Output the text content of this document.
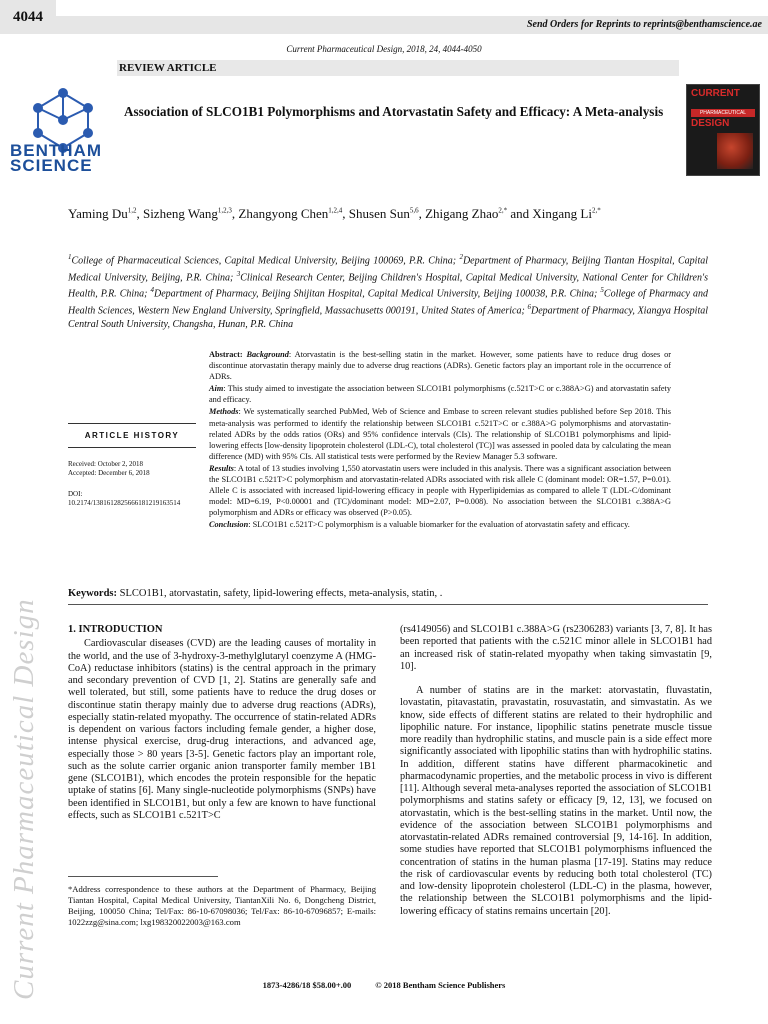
4044	Send Orders for Reprints to reprints@benthamscience.ae
Current Pharmaceutical Design, 2018, 24, 4044-4050
REVIEW ARTICLE
BENTHAM
SCIENCE
Association of SLCO1B1 Polymorphisms and Atorvastatin Safety and Efficacy: A Meta-analysis
CURRENT
PHARMACEUTICAL
DESIGN
Yaming Du$^{1,2}$, Sizheng Wang$^{1,2,3}$, Zhangyong Chen$^{1,2,4}$, Shusen Sun$^{5,6}$, Zhigang Zhao$^{2,*}$ and Xingang $Li^{2,*}$
$^1$College of Pharmaceutical Sciences, Capital Medical University, Beijing 100069, P.R. China; $^2$Department of Pharmacy, Beijing Tiantan Hospital, Capital Medical University, Beijing, P.R. China; $^3$Clinical Research Center, Beijing Children's Hospital, Capital Medical University, National Center for Children's Health, P.R. China; $^4$Department of Pharmacy, Beijing Shijitan Hospital, Capital Medical University, Beijing 100038, P.R. China; $^5$College of Pharmacy and Health Sciences, Western New England University, Springfield, Massachusetts 000191, United States of America; $^6$Department of Pharmacy, Xiangya Hospital Central South University, Changsha, Hunan, P.R. China

Abstract: Background: Atorvastatin is the best-selling statin in the market. However, some patients have to reduce drug doses or discontinue atorvastatin therapy mainly due to adverse drug reactions (ADRs). Genetic factors play an important role in the occurrence of ADRs.

Aim: This study aimed to investigate the association between SLCO1B1 polymorphisms (c.521T>C or c.388A>G) and atorvastatin safety and efficacy.

Methods: We systematically searched PubMed, Web of Science and Embase to screen relevant studies published before Sep 2018. This meta-analysis was performed to identify the relationship between SLCO1B1 c.521T>C or c.388A>G polymorphisms and atorvastatin-related ADRs by the odds ratios (ORs) and 95% confidence intervals (CIs). The relationship of SLCO1B1 polymorphisms and lipid-lowering effects [low-density lipoprotein cholesterol (LDL-C), total cholesterol (TC)] was assessed in pooled data by calculating the mean difference (MD) with 95% CIs. All statistical tests were performed by the Review Manager 5.3 software.

Results: A total of 13 studies involving 1,550 atorvastatin users were included in this analysis. There was a significant association between the SLCO1B1 c.521T>C polymorphism and atorvastatin-related ADRs associated with risk allele C (dominant model: OR=1.57, P=0.01). Allele C is associated with increased lipid-lowering efficacy in people with Hyperlipidemias as compared to allele T (LDL-C/dominant model: MD=6.19, P<0.00001 and (TC)/dominant model: MD=2.07, P=0.008). No association between the SLCO1B1 c.388A>G polymorphism and ADRs or efficacy was observed (P>0.05).

Conclusion: SLCO1B1 c.521T>C polymorphism is a valuable biomarker for the evaluation of atorvastatin safety and efficacy.

ARTICLE HISTORY
Received: October 2, 2018
Accepted: December 6, 2018
DOI:
10.2174/1381612825666181219163514
Keywords: SLCO1B1, atorvastatin, safety, lipid-lowering effects, meta-analysis, statin, .
1. INTRODUCTION

Cardiovascular diseases (CVD) are the leading causes of mortality in the world, and the use of 3-hydroxy-3-methylglutaryl coenzyme A (HMG-CoA) reductase inhibitors (statins) is the central approach in the primary and secondary prevention of CVD [1, 2]. Statins are generally safe and well tolerated, but still, some patients have to reduce the drug doses or discontinue statin therapy mainly due to adverse drug reactions (ADRs), especially statin-related myopathy. The occurrence of statin-related ADRs is dependent on various factors including female gender, a higher dose, intense physical exercise, drug-drug interactions, and advanced age, especially those > 80 years [3-5]. Genetic factors play an important role, such as the solute carrier organic anion transporter family member 1B1 gene (SLCO1B1), which encodes the protein responsible for the hepatic uptake of statins [6]. Many single-nucleotide polymorphisms (SNPs) have been identified in SLCO1B1, but only a few are known to have functional effects, such as SLCO1B1 c.521T>C

(rs4149056) and SLCO1B1 c.388A>G (rs2306283) variants [3, 7, 8]. It has been reported that patients with the c.521C minor allele in SLCO1B1 had an increased risk of statin-related myopathy when taking simvastatin [9, 10].

A number of statins are in the market: atorvastatin, fluvastatin, lovastatin, pitavastatin, pravastatin, rosuvastatin, and simvastatin. As we know, side effects of different statins are related to their hydrophilic and lipophilic nature. For instance, lipophilic statins penetrate muscle tissue more readily than hydrophilic statins, and muscle pain is a side effect more significantly associated with lipophilic statins than with hydrophilic statins. In addition, different statins have different pharmacokinetic and pharmacodynamic properties, and the metabolic process in vivo is different [11]. Although several meta-analyses reported the association of SLCO1B1 polymorphisms and statins safety or efficacy [9, 12, 13], we focused on atorvastatin, which is the best-selling statins in the market. Until now, the evidence of the association between SLCO1B1 polymorphisms and atorvastatin-related ADRs remained controversial [9, 14-16]. In addition, some studies have reported that SLCO1B1 polymorphisms influenced the concentration of statins in the human plasma [17-19]. Statins may reduce the risk of cardiovascular events by reducing both total cholesterol (TC) and low-density lipoprotein cholesterol (LDL-C) in the plasma, however, the relationship between the SLCO1B1 polymorphisms and the lipid-lowering efficacy of statins remains uncertain [20].

*Address correspondence to these authors at the Department of Pharmacy, Beijing Tiantan Hospital, Capital Medical University, TiantanXili No. 6, Dongcheng District, Beijing, 100050 China; Tel/Fax: 86-10-67098036; Tel/Fax: 86-10-67096857; E-mails: 1022zzg@sina.com; lxg198320022003@163.com
1873-4286/18 $58.00+.00	© 2018 Bentham Science Publishers
Current Pharmaceutical Design
